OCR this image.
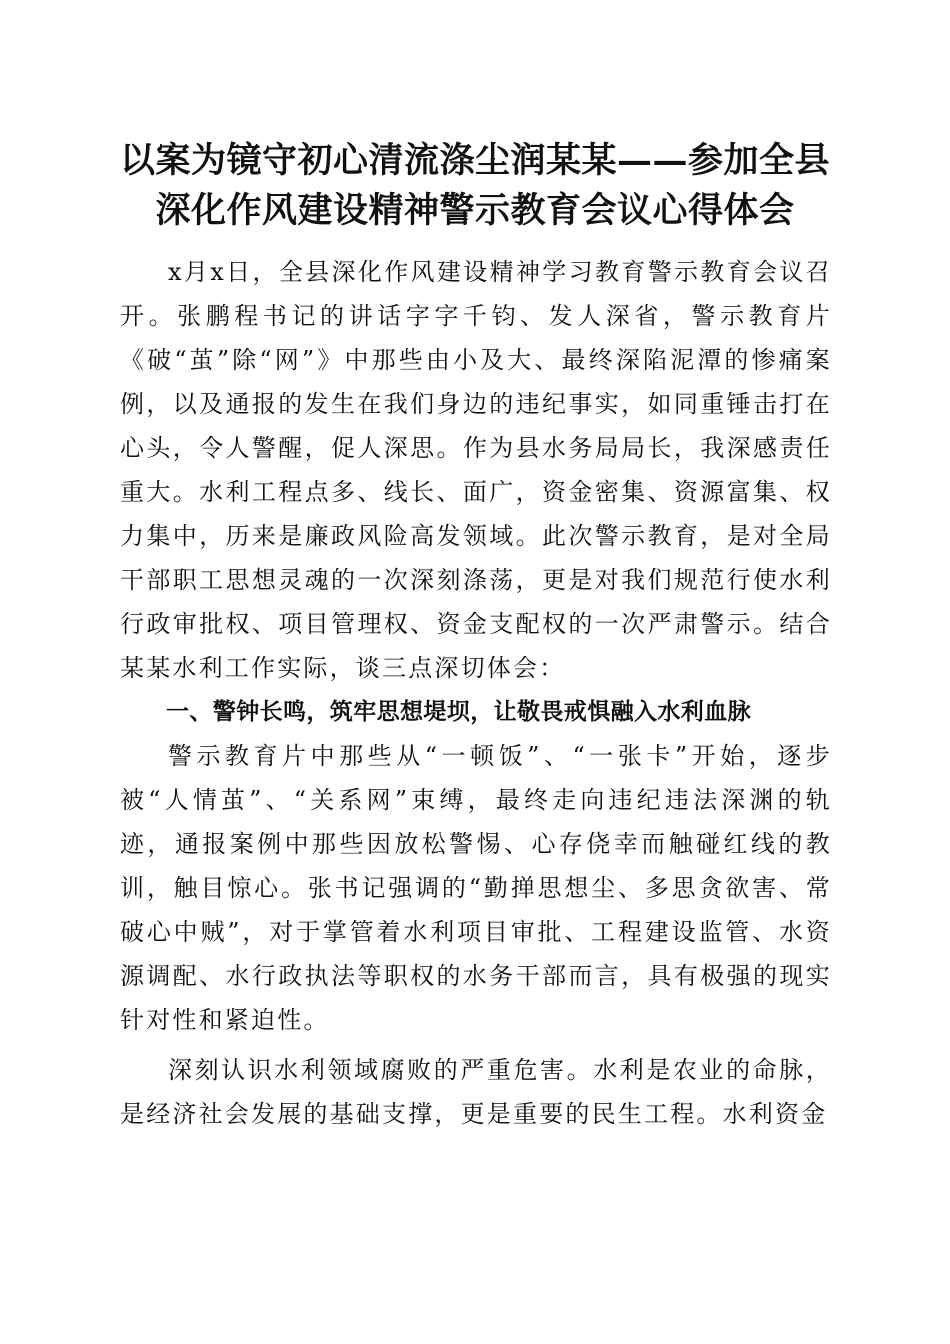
以案为镜守初心清流涤尘润某某——参加全县
深化作风建设精神警示教育会议心得体会

x月x日，全县深化作风建设精神学习教育警示教育会议召开。张鹏程书记的讲话字字千钧、发人深省，警示教育片《破“茧”除“网”》中那些由小及大、最终深陷泥潭的惨痛案例，以及通报的发生在我们身边的违纪事实，如同重锤击打在心头，令人警醒，促人深思。作为县水务局局长，我深感责任重大。水利工程点多、线长、面广，资金密集、资源富集、权力集中，历来是廉政风险高发领域。此次警示教育，是对全局干部职工思想灵魂的一次深刻涤荡，更是对我们规范行使水利行政审批权、项目管理权、资金支配权的一次严肃警示。结合某某水利工作实际，谈三点深切体会：

一、警钟长鸣，筑牢思想堤坝，让敬畏戒惧融入水利血脉

警示教育片中那些从“一顿饭”、“一张卡”开始，逐步被“人情茧”、“关系网”束缚，最终走向违纪违法深渊的轨迹，通报案例中那些因放松警惕、心存侥幸而触碰红线的教训，触目惊心。张书记强调的“勤掸思想尘、多思贪欲害、常破心中贼”，对于掌管着水利项目审批、工程建设监管、水资源调配、水行政执法等职权的水务干部而言，具有极强的现实针对性和紧迫性。

深刻认识水利领域腐败的严重危害。水利是农业的命脉，是经济社会发展的基础支撑，更是重要的民生工程。水利资金
